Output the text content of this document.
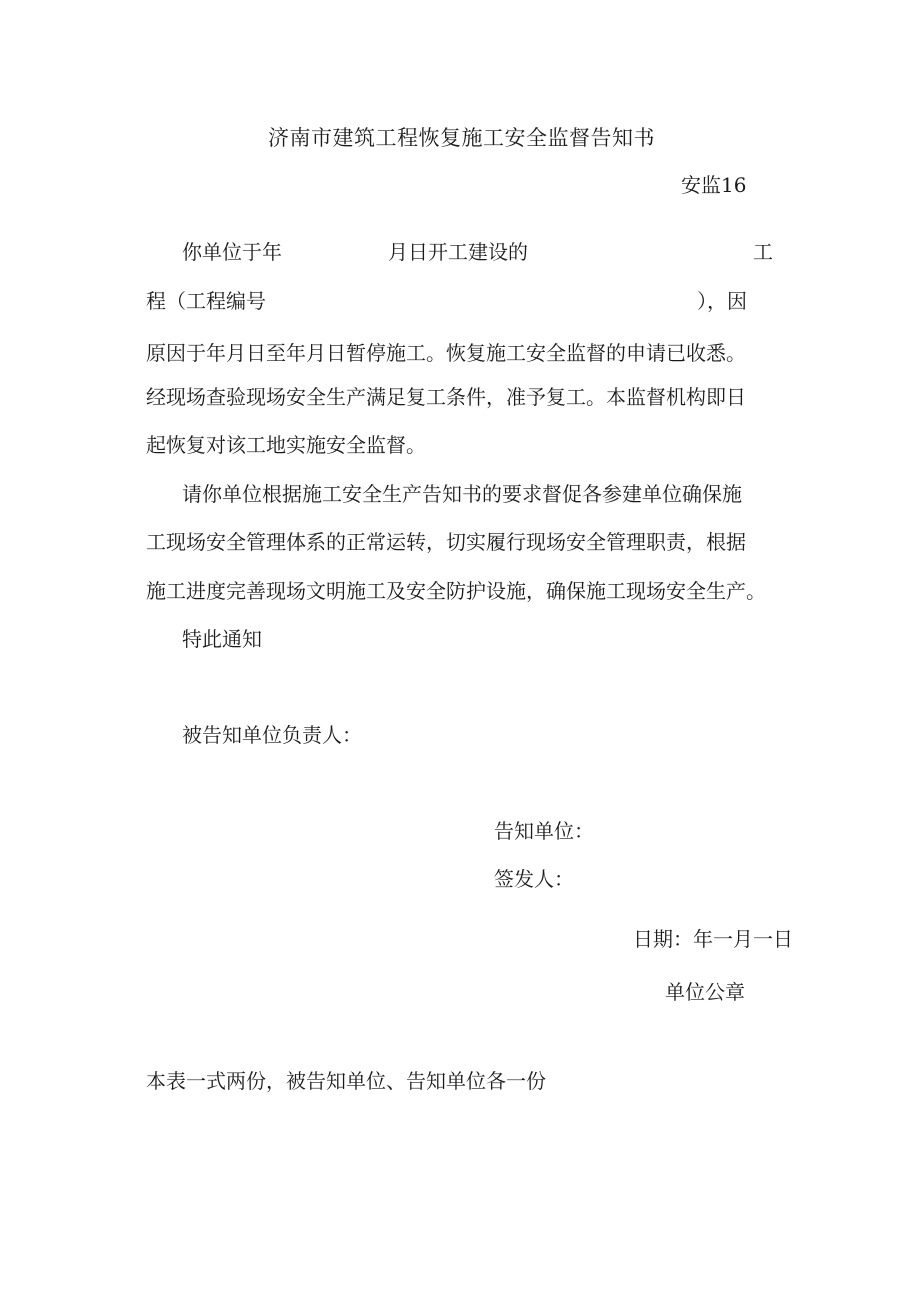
济南市建筑工程恢复施工安全监督告知书
安监16
你单位于年	月日开工建设的	工
程（工程编号	），因
原因于年月日至年月日暂停施工。恢复施工安全监督的申请已收悉。
经现场查验现场安全生产满足复工条件，准予复工。本监督机构即日
起恢复对该工地实施安全监督。
请你单位根据施工安全生产告知书的要求督促各参建单位确保施
工现场安全管理体系的正常运转，切实履行现场安全管理职责，根据
施工进度完善现场文明施工及安全防护设施，确保施工现场安全生产。
特此通知
被告知单位负责人：
告知单位：
签发人：
日期：年一月一日
单位公章
本表一式两份，被告知单位、告知单位各一份
